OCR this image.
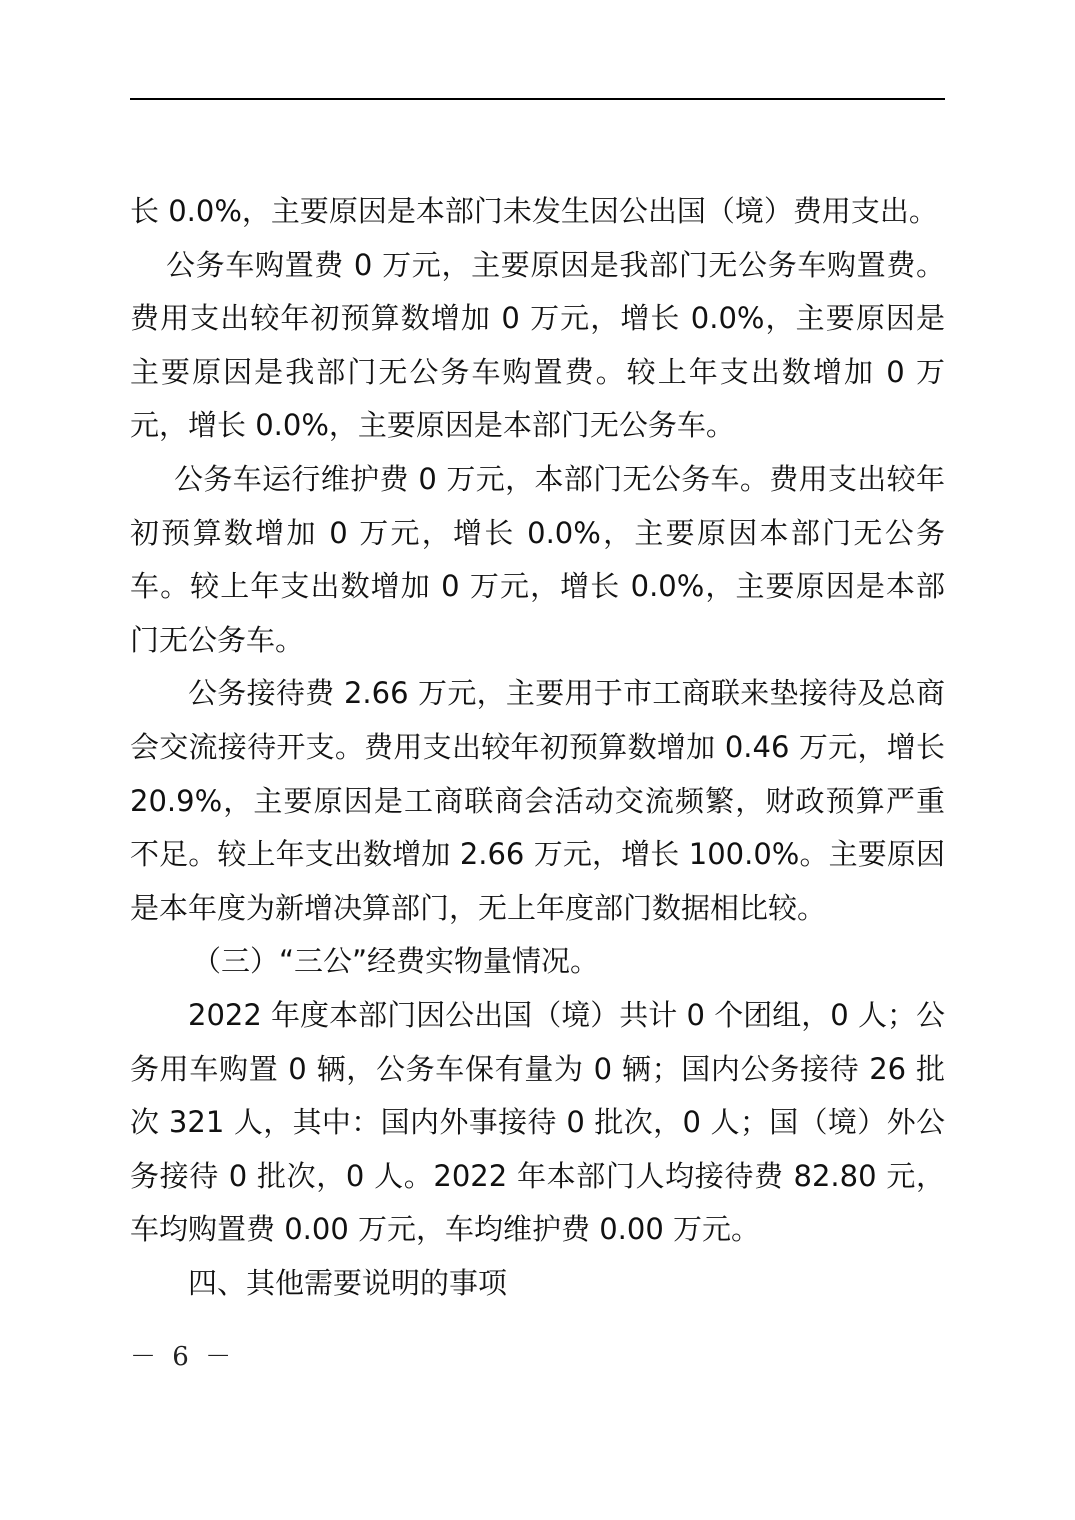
长 0.0%，主要原因是本部门未发生因公出国（境）费用支出。

公务车购置费 0 万元，主要原因是我部门无公务车购置费。费用支出较年初预算数增加 0 万元，增长 0.0%，主要原因是主要原因是我部门无公务车购置费。较上年支出数增加 0 万元，增长 0.0%，主要原因是本部门无公务车。

公务车运行维护费 0 万元，本部门无公务车。费用支出较年初预算数增加 0 万元，增长 0.0%，主要原因本部门无公务车。较上年支出数增加 0 万元，增长 0.0%，主要原因是本部门无公务车。

公务接待费 2.66 万元，主要用于市工商联来垫接待及总商会交流接待开支。费用支出较年初预算数增加 0.46 万元，增长 20.9%，主要原因是工商联商会活动交流频繁，财政预算严重不足。较上年支出数增加 2.66 万元，增长 100.0%。主要原因是本年度为新增决算部门，无上年度部门数据相比较。

（三）“三公”经费实物量情况。

2022 年度本部门因公出国（境）共计 0 个团组，0 人；公务用车购置 0 辆，公务车保有量为 0 辆；国内公务接待 26 批次 321 人，其中：国内外事接待 0 批次，0 人；国（境）外公务接待 0 批次，0 人。2022 年本部门人均接待费 82.80 元，车均购置费 0.00 万元，车均维护费 0.00 万元。

四、其他需要说明的事项

－ 6 －
